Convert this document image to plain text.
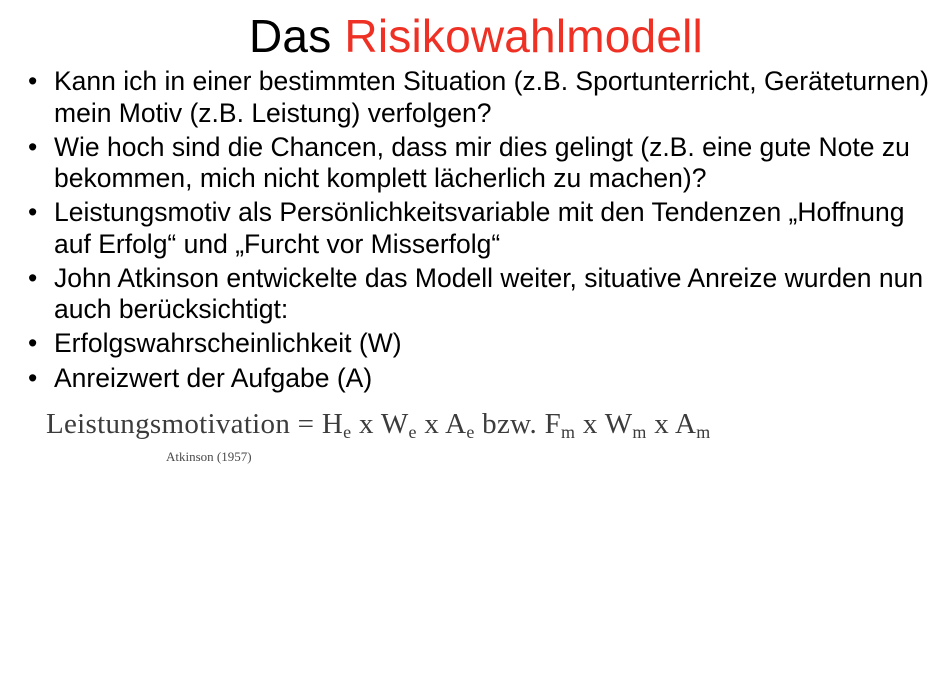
Das Risikowahlmodell
• Kann ich in einer bestimmten Situation (z.B. Sportunterricht, Geräteturnen) mein Motiv (z.B. Leistung) verfolgen?
• Wie hoch sind die Chancen, dass mir dies gelingt (z.B. eine gute Note zu bekommen, mich nicht komplett lächerlich zu machen)?
• Leistungsmotiv als Persönlichkeitsvariable mit den Tendenzen „Hoffnung auf Erfolg“ und „Furcht vor Misserfolg“
• John Atkinson entwickelte das Modell weiter, situative Anreize wurden nun auch berücksichtigt:
• Erfolgswahrscheinlichkeit (W)
• Anreizwert der Aufgabe (A)
Leistungsmotivation = $H_e$ x $W_e$ x $A_e$ bzw. $F_m$ x $W_m$ x $A_m$
Atkinson (1957)
